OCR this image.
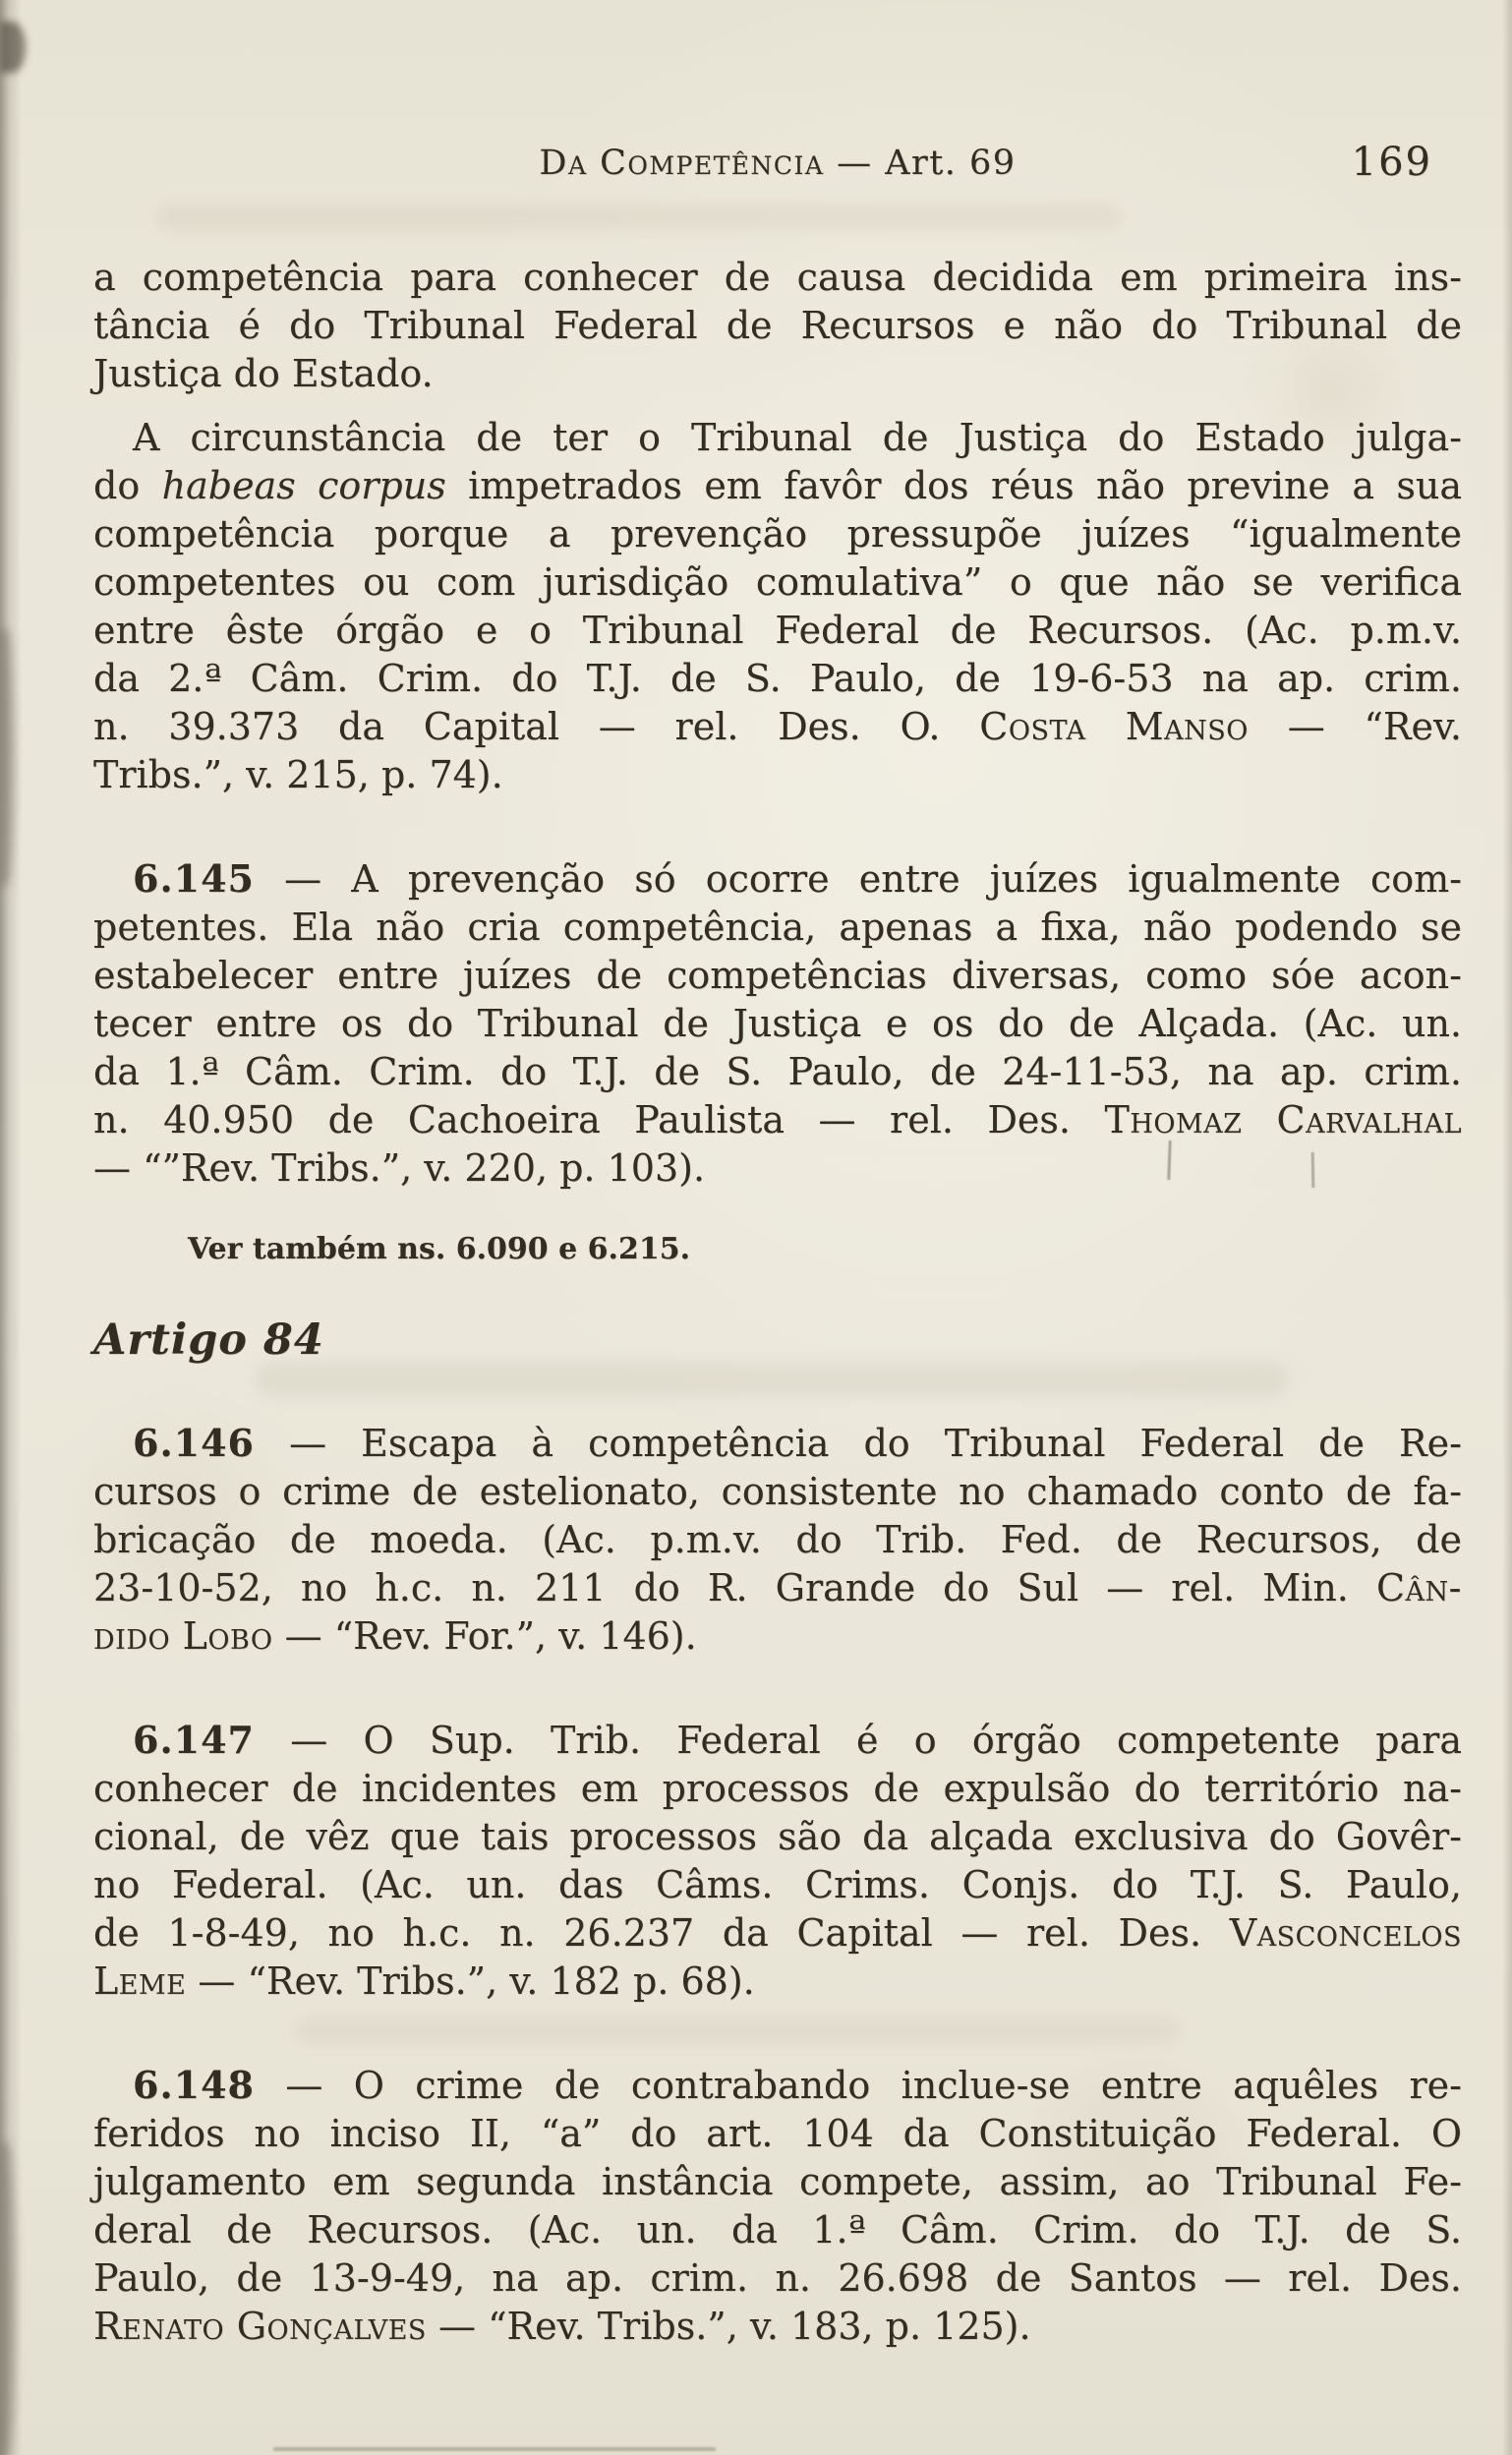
Da Competência — Art. 69	169
a competência para conhecer de causa decidida em primeira ins-
tância é do Tribunal Federal de Recursos e não do Tribunal de
Justiça do Estado.
A circunstância de ter o Tribunal de Justiça do Estado julga-
do habeas corpus impetrados em favôr dos réus não previne a sua
competência porque a prevenção pressupõe juízes “igualmente
competentes ou com jurisdição comulativa” o que não se verifica
entre êste órgão e o Tribunal Federal de Recursos. (Ac. p.m.v.
da 2.ª Câm. Crim. do T.J. de S. Paulo, de 19-6-53 na ap. crim.
n. 39.373 da Capital — rel. Des. O. Costa Manso — “Rev.
Tribs.”, v. 215, p. 74).
6.145 — A prevenção só ocorre entre juízes igualmente com-
petentes. Ela não cria competência, apenas a fixa, não podendo se
estabelecer entre juízes de competências diversas, como sóe acon-
tecer entre os do Tribunal de Justiça e os do de Alçada. (Ac. un.
da 1.ª Câm. Crim. do T.J. de S. Paulo, de 24-11-53, na ap. crim.
n. 40.950 de Cachoeira Paulista — rel. Des. Thomaz Carvalhal
— “”Rev. Tribs.”, v. 220, p. 103).
Ver também ns. 6.090 e 6.215.
Artigo 84
6.146 — Escapa à competência do Tribunal Federal de Re-
cursos o crime de estelionato, consistente no chamado conto de fa-
bricação de moeda. (Ac. p.m.v. do Trib. Fed. de Recursos, de
23-10-52, no h.c. n. 211 do R. Grande do Sul — rel. Min. Cân-
dido Lobo — “Rev. For.”, v. 146).
6.147 — O Sup. Trib. Federal é o órgão competente para
conhecer de incidentes em processos de expulsão do território na-
cional, de vêz que tais processos são da alçada exclusiva do Govêr-
no Federal. (Ac. un. das Câms. Crims. Conjs. do T.J. S. Paulo,
de 1-8-49, no h.c. n. 26.237 da Capital — rel. Des. Vasconcelos
Leme — “Rev. Tribs.”, v. 182 p. 68).
6.148 — O crime de contrabando inclue-se entre aquêles re-
feridos no inciso II, “a” do art. 104 da Constituição Federal. O
julgamento em segunda instância compete, assim, ao Tribunal Fe-
deral de Recursos. (Ac. un. da 1.ª Câm. Crim. do T.J. de S.
Paulo, de 13-9-49, na ap. crim. n. 26.698 de Santos — rel. Des.
Renato Gonçalves — “Rev. Tribs.”, v. 183, p. 125).
